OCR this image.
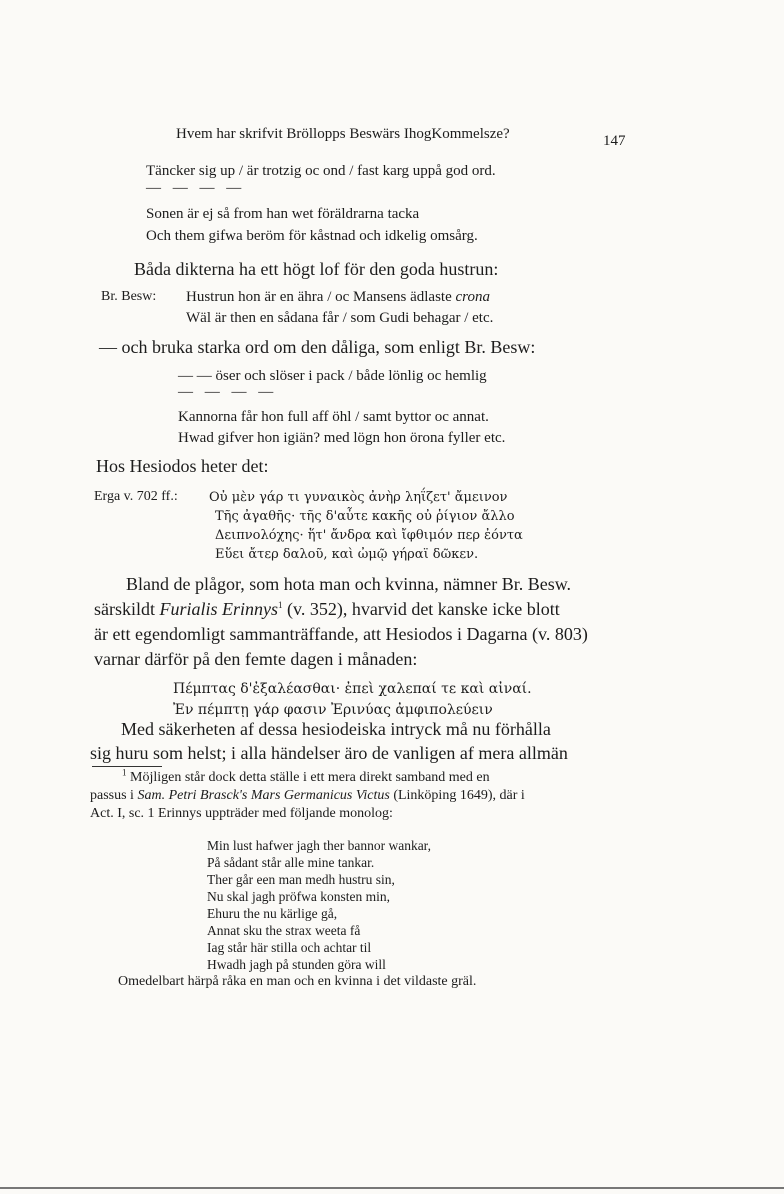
Hvem har skrifvit Bröllopps Beswärs IhogKommelsze?	147
Täncker sig up / är trotzig oc ond / fast karg uppå god ord.
— — — —
Sonen är ej så from han wet föräldrarna tacka
Och them gifwa beröm för kåstnad och idkelig omsårg.
Båda dikterna ha ett högt lof för den goda hustrun:
Br. Besw: Hustrun hon är en ähra / oc Mansens ädlaste crona
Wäl är then en sådana får / som Gudi behagar / etc.
— och bruka starka ord om den dåliga, som enligt Br. Besw:
— — öser och slöser i pack / både lönlig oc hemlig
— — — —
Kannorna får hon full aff öhl / samt byttor oc annat.
Hwad gifver hon igiän? med lögn hon örona fyller etc.
Hos Hesiodos heter det:
Erga v. 702 ff.: Οὐ μὲν γάρ τι γυναικὸς ἀνὴρ ληΐζετ' ἄμεινον
Τῆς ἀγαθῆς· τῆς δ'αὖτε κακῆς οὐ ῥίγιον ἄλλο
Δειπνολόχης· ἥτ' ἄνδρα καὶ ἴφθιμόν περ ἐόντα
Εὕει ἄτερ δαλοῦ, καὶ ὠμῷ γήραϊ δῶκεν.
Bland de plågor, som hota man och kvinna, nämner Br. Besw.
särskildt Furialis Erinnys$^1$ (v. 352), hvarvid det kanske icke blott
är ett egendomligt sammanträffande, att Hesiodos i Dagarna (v. 803)
varnar därför på den femte dagen i månaden:
Πέμπτας δ'ἐξαλέασθαι· ἐπεὶ χαλεπαί τε καὶ αἰναί.
Ἐν πέμπτῃ γάρ φασιν Ἐρινύας ἀμφιπολεύειν
Med säkerheten af dessa hesiodeiska intryck må nu förhålla
sig huru som helst; i alla händelser äro de vanligen af mera allmän
$^1$ Möjligen står dock detta ställe i ett mera direkt samband med en
passus i Sam. Petri Brasck's Mars Germanicus Victus (Linköping 1649), där i
Act. I, sc. 1 Erinnys uppträder med följande monolog:
Min lust hafwer jagh ther bannor wankar,
På sådant står alle mine tankar.
Ther går een man medh hustru sin,
Nu skal jagh pröfwa konsten min,
Ehuru the nu kärlige gå,
Annat sku the strax weeta få
Iag står här stilla och achtar til
Hwadh jagh på stunden göra will
Omedelbart härpå råka en man och en kvinna i det vildaste gräl.
